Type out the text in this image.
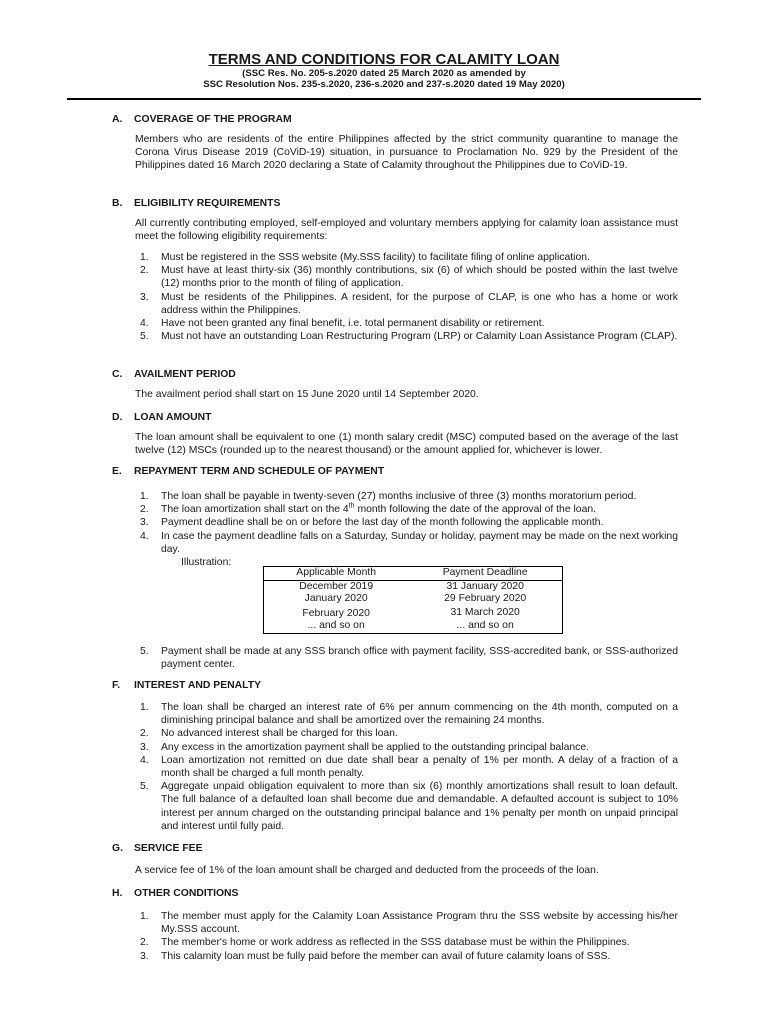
TERMS AND CONDITIONS FOR CALAMITY LOAN
(SSC Res. No. 205-s.2020 dated 25 March 2020 as amended by
SSC Resolution Nos. 235-s.2020, 236-s.2020 and 237-s.2020 dated 19 May 2020)
A. COVERAGE OF THE PROGRAM
Members who are residents of the entire Philippines affected by the strict community quarantine to manage the Corona Virus Disease 2019 (CoViD-19) situation, in pursuance to Proclamation No. 929 by the President of the Philippines dated 16 March 2020 declaring a State of Calamity throughout the Philippines due to CoViD-19.
B. ELIGIBILITY REQUIREMENTS
All currently contributing employed, self-employed and voluntary members applying for calamity loan assistance must meet the following eligibility requirements:
1. Must be registered in the SSS website (My.SSS facility) to facilitate filing of online application.
2. Must have at least thirty-six (36) monthly contributions, six (6) of which should be posted within the last twelve (12) months prior to the month of filing of application.
3. Must be residents of the Philippines. A resident, for the purpose of CLAP, is one who has a home or work address within the Philippines.
4. Have not been granted any final benefit, i.e. total permanent disability or retirement.
5. Must not have an outstanding Loan Restructuring Program (LRP) or Calamity Loan Assistance Program (CLAP).
C. AVAILMENT PERIOD
The availment period shall start on 15 June 2020 until 14 September 2020.
D. LOAN AMOUNT
The loan amount shall be equivalent to one (1) month salary credit (MSC) computed based on the average of the last twelve (12) MSCs (rounded up to the nearest thousand) or the amount applied for, whichever is lower.
E. REPAYMENT TERM AND SCHEDULE OF PAYMENT
1. The loan shall be payable in twenty-seven (27) months inclusive of three (3) months moratorium period.
2. The loan amortization shall start on the 4th month following the date of the approval of the loan.
3. Payment deadline shall be on or before the last day of the month following the applicable month.
4. In case the payment deadline falls on a Saturday, Sunday or holiday, payment may be made on the next working day.
Illustration:
Applicable Month	Payment Deadline
December 2019	31 January 2020
January 2020	29 February 2020
February 2020	31 March 2020
... and so on	... and so on
5. Payment shall be made at any SSS branch office with payment facility, SSS-accredited bank, or SSS-authorized payment center.
F. INTEREST AND PENALTY
1. The loan shall be charged an interest rate of 6% per annum commencing on the 4th month, computed on a diminishing principal balance and shall be amortized over the remaining 24 months.
2. No advanced interest shall be charged for this loan.
3. Any excess in the amortization payment shall be applied to the outstanding principal balance.
4. Loan amortization not remitted on due date shall bear a penalty of 1% per month. A delay of a fraction of a month shall be charged a full month penalty.
5. Aggregate unpaid obligation equivalent to more than six (6) monthly amortizations shall result to loan default. The full balance of a defaulted loan shall become due and demandable. A defaulted account is subject to 10% interest per annum charged on the outstanding principal balance and 1% penalty per month on unpaid principal and interest until fully paid.
G. SERVICE FEE
A service fee of 1% of the loan amount shall be charged and deducted from the proceeds of the loan.
H. OTHER CONDITIONS
1. The member must apply for the Calamity Loan Assistance Program thru the SSS website by accessing his/her My.SSS account.
2. The member's home or work address as reflected in the SSS database must be within the Philippines.
3. This calamity loan must be fully paid before the member can avail of future calamity loans of SSS.
